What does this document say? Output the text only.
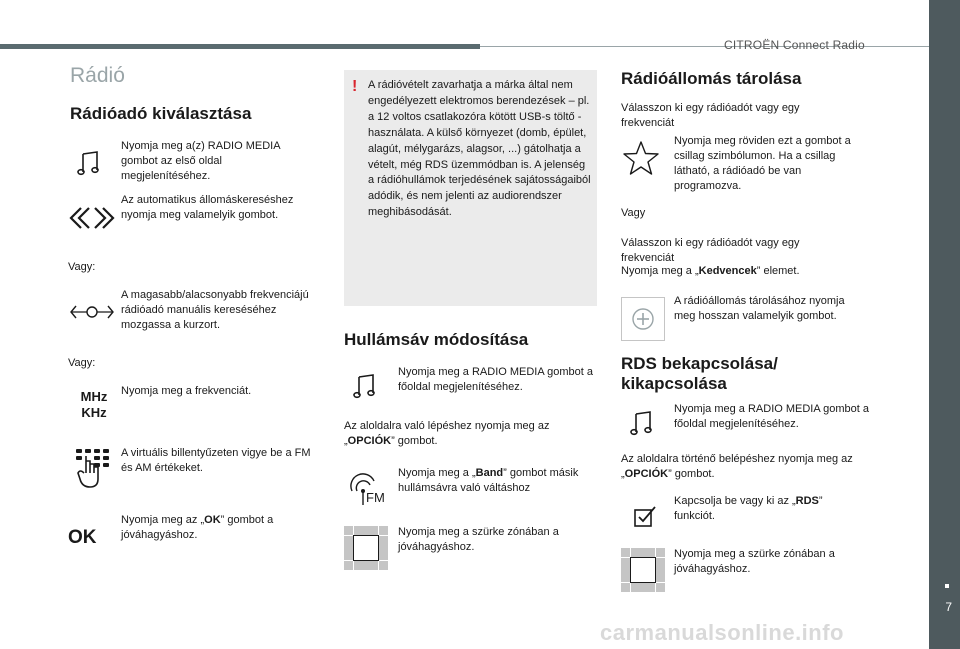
CITROËN Connect Radio
7
carmanualsonline.info
Rádió
Rádióadó kiválasztása
Nyomja meg a(z) RADIO MEDIA gombot az első oldal megjelenítéséhez.
Az automatikus állomáskereséshez nyomja meg valamelyik gombot.
Vagy:
A magasabb/alacsonyabb frekvenciájú rádióadó manuális kereséséhez mozgassa a kurzort.
Vagy:
MHz
KHz
Nyomja meg a frekvenciát.
A virtuális billentyűzeten vigye be a FM és AM értékeket.
OK
Nyomja meg az „OK” gombot a jóváhagyáshoz.
! A rádióvételt zavarhatja a márka által nem engedélyezett elektromos berendezések – pl. a 12 voltos csatlakozóra kötött USB-s töltő -használata. A külső környezet (domb, épület, alagút, mélygarázs, alagsor, ...) gátolhatja a vételt, még RDS üzemmódban is. A jelenség a rádióhullámok terjedésének sajátosságaiból adódik, és nem jelenti az audiorendszer meghibásodását.
Hullámsáv módosítása
Nyomja meg a RADIO MEDIA gombot a főoldal megjelenítéséhez.
Az aloldalra való lépéshez nyomja meg az „OPCIÓK” gombot.
FM
Nyomja meg a „Band” gombot másik hullámsávra való váltáshoz
Nyomja meg a szürke zónában a jóváhagyáshoz.
Rádióállomás tárolása
Válasszon ki egy rádióadót vagy egy frekvenciát
Nyomja meg röviden ezt a gombot a csillag szimbólumon. Ha a csillag látható, a rádióadó be van programozva.
Vagy
Válasszon ki egy rádióadót vagy egy frekvenciát
Nyomja meg a „Kedvencek” elemet.
A rádióállomás tárolásához nyomja meg hosszan valamelyik gombot.
RDS bekapcsolása/
kikapcsolása
Nyomja meg a RADIO MEDIA gombot a főoldal megjelenítéséhez.
Az aloldalra történő belépéshez nyomja meg az „OPCIÓK” gombot.
Kapcsolja be vagy ki az „RDS” funkciót.
Nyomja meg a szürke zónában a jóváhagyáshoz.
